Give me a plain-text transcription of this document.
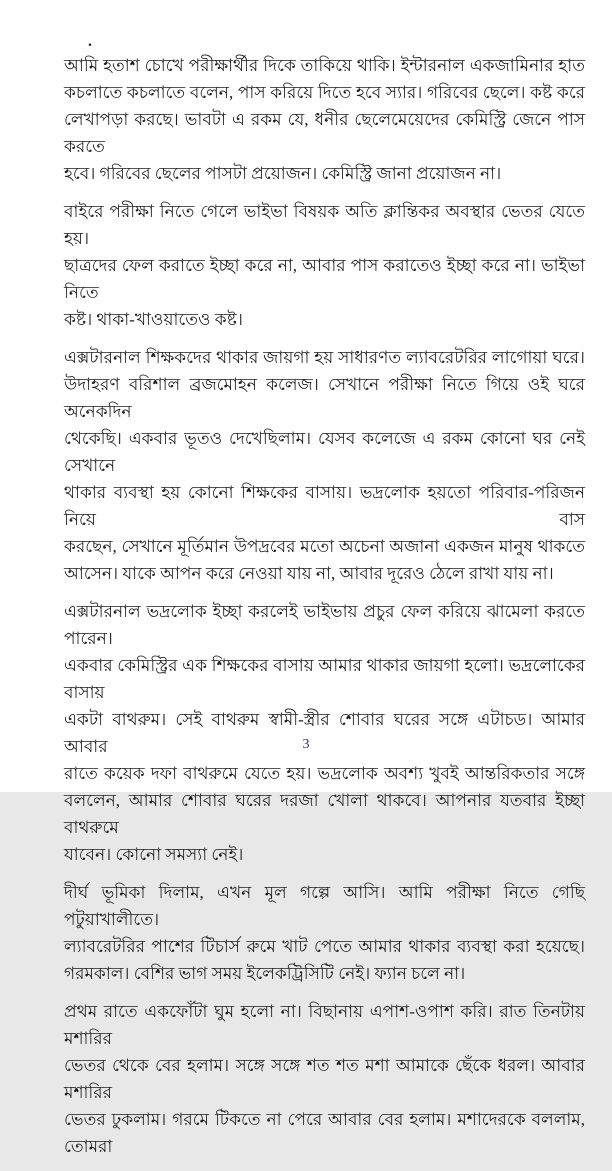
.

আমি হতাশ চোখে পরীক্ষার্থীর দিকে তাকিয়ে থাকি। ইন্টারনাল একজামিনার হাত
কচলাতে কচলাতে বলেন, পাস করিয়ে দিতে হবে স্যার। গরিবের ছেলে। কষ্ট করে
লেখাপড়া করছে। ভাবটা এ রকম যে, ধনীর ছেলেমেয়েদের কেমিস্ট্রি জেনে পাস করতে
হবে। গরিবের ছেলের পাসটা প্রয়োজন। কেমিস্ট্রি জানা প্রয়োজন না।

বাইরে পরীক্ষা নিতে গেলে ভাইভা বিষয়ক অতি ক্লান্তিকর অবস্থার ভেতর যেতে হয়।
ছাত্রদের ফেল করাতে ইচ্ছা করে না, আবার পাস করাতেও ইচ্ছা করে না। ভাইভা নিতে
কষ্ট। থাকা-খাওয়াতেও কষ্ট।

এক্সটারনাল শিক্ষকদের থাকার জায়গা হয় সাধারণত ল্যাবরেটরির লাগোয়া ঘরে।
উদাহরণ বরিশাল ব্রজমোহন কলেজ। সেখানে পরীক্ষা নিতে গিয়ে ওই ঘরে অনেকদিন
থেকেছি। একবার ভূতও দেখেছিলাম। যেসব কলেজে এ রকম কোনো ঘর নেই সেখানে
থাকার ব্যবস্থা হয় কোনো শিক্ষকের বাসায়। ভদ্রলোক হয়তো পরিবার-পরিজন নিয়ে বাস
করছেন, সেখানে মূর্তিমান উপদ্রবের মতো অচেনা অজানা একজন মানুষ থাকতে
আসেন। যাকে আপন করে নেওয়া যায় না, আবার দূরেও ঠেলে রাখা যায় না।

এক্সটারনাল ভদ্রলোক ইচ্ছা করলেই ভাইভায় প্রচুর ফেল করিয়ে ঝামেলা করতে পারেন।
একবার কেমিস্ট্রির এক শিক্ষকের বাসায় আমার থাকার জায়গা হলো। ভদ্রলোকের বাসায়
একটা বাথরুম। সেই বাথরুম স্বামী-স্ত্রীর শোবার ঘরের সঙ্গে এটাচড। আমার আবার
রাতে কয়েক দফা বাথরুমে যেতে হয়। ভদ্রলোক অবশ্য খুবই আন্তরিকতার সঙ্গে
বললেন, আমার শোবার ঘরের দরজা খোলা থাকবে। আপনার যতবার ইচ্ছা বাথরুমে
যাবেন। কোনো সমস্যা নেই।

দীর্ঘ ভূমিকা দিলাম, এখন মূল গল্পে আসি। আমি পরীক্ষা নিতে গেছি পটুয়াখালীতে।
ল্যাবরেটরির পাশের টিচার্স রুমে খাট পেতে আমার থাকার ব্যবস্থা করা হয়েছে।
গরমকাল। বেশির ভাগ সময় ইলেকট্রিসিটি নেই। ফ্যান চলে না।

প্রথম রাতে একফোঁটা ঘুম হলো না। বিছানায় এপাশ-ওপাশ করি। রাত তিনটায় মশারির
ভেতর থেকে বের হলাম। সঙ্গে সঙ্গে শত শত মশা আমাকে ছেঁকে ধরল। আবার মশারির
ভেতর ঢুকলাম। গরমে টিকতে না পেরে আবার বের হলাম। মশাদেরকে বললাম, তোমরা

3
